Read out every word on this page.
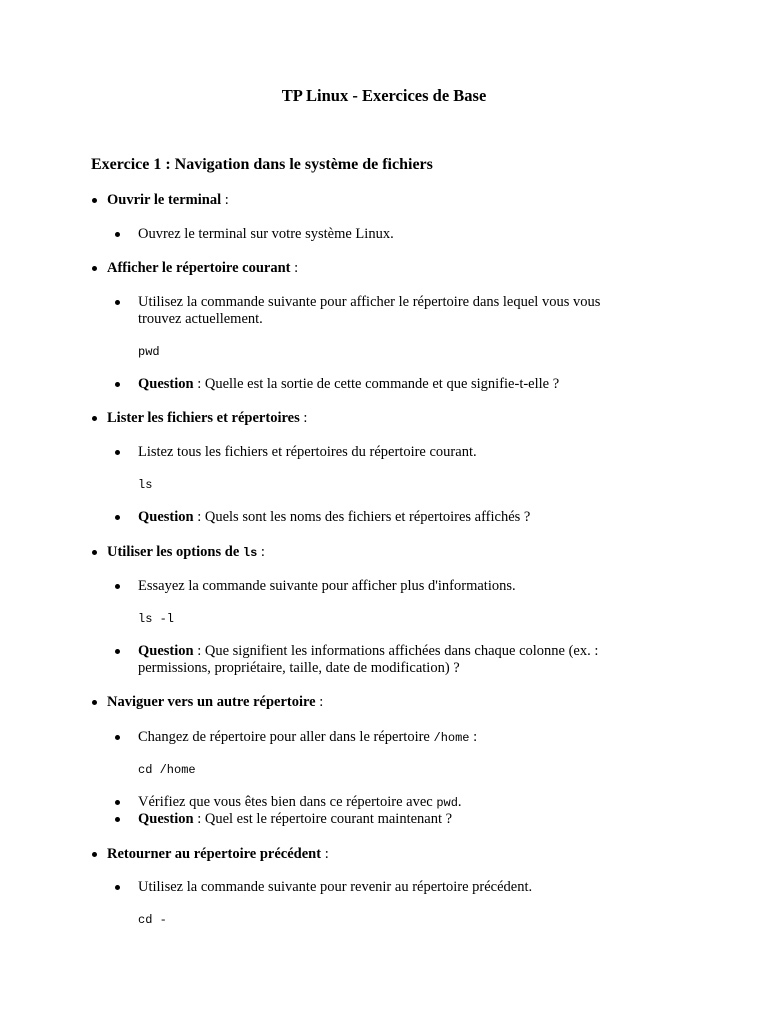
TP Linux - Exercices de Base
Exercice 1 : Navigation dans le système de fichiers
Ouvrir le terminal :
Ouvrez le terminal sur votre système Linux.
Afficher le répertoire courant :
Utilisez la commande suivante pour afficher le répertoire dans lequel vous vous
trouvez actuellement.
pwd
Question : Quelle est la sortie de cette commande et que signifie-t-elle ?
Lister les fichiers et répertoires :
Listez tous les fichiers et répertoires du répertoire courant.
ls
Question : Quels sont les noms des fichiers et répertoires affichés ?
Utiliser les options de ls :
Essayez la commande suivante pour afficher plus d'informations.
ls -l
Question : Que signifient les informations affichées dans chaque colonne (ex. :
permissions, propriétaire, taille, date de modification) ?
Naviguer vers un autre répertoire :
Changez de répertoire pour aller dans le répertoire /home :
cd /home
Vérifiez que vous êtes bien dans ce répertoire avec pwd.
Question : Quel est le répertoire courant maintenant ?
Retourner au répertoire précédent :
Utilisez la commande suivante pour revenir au répertoire précédent.
cd -
